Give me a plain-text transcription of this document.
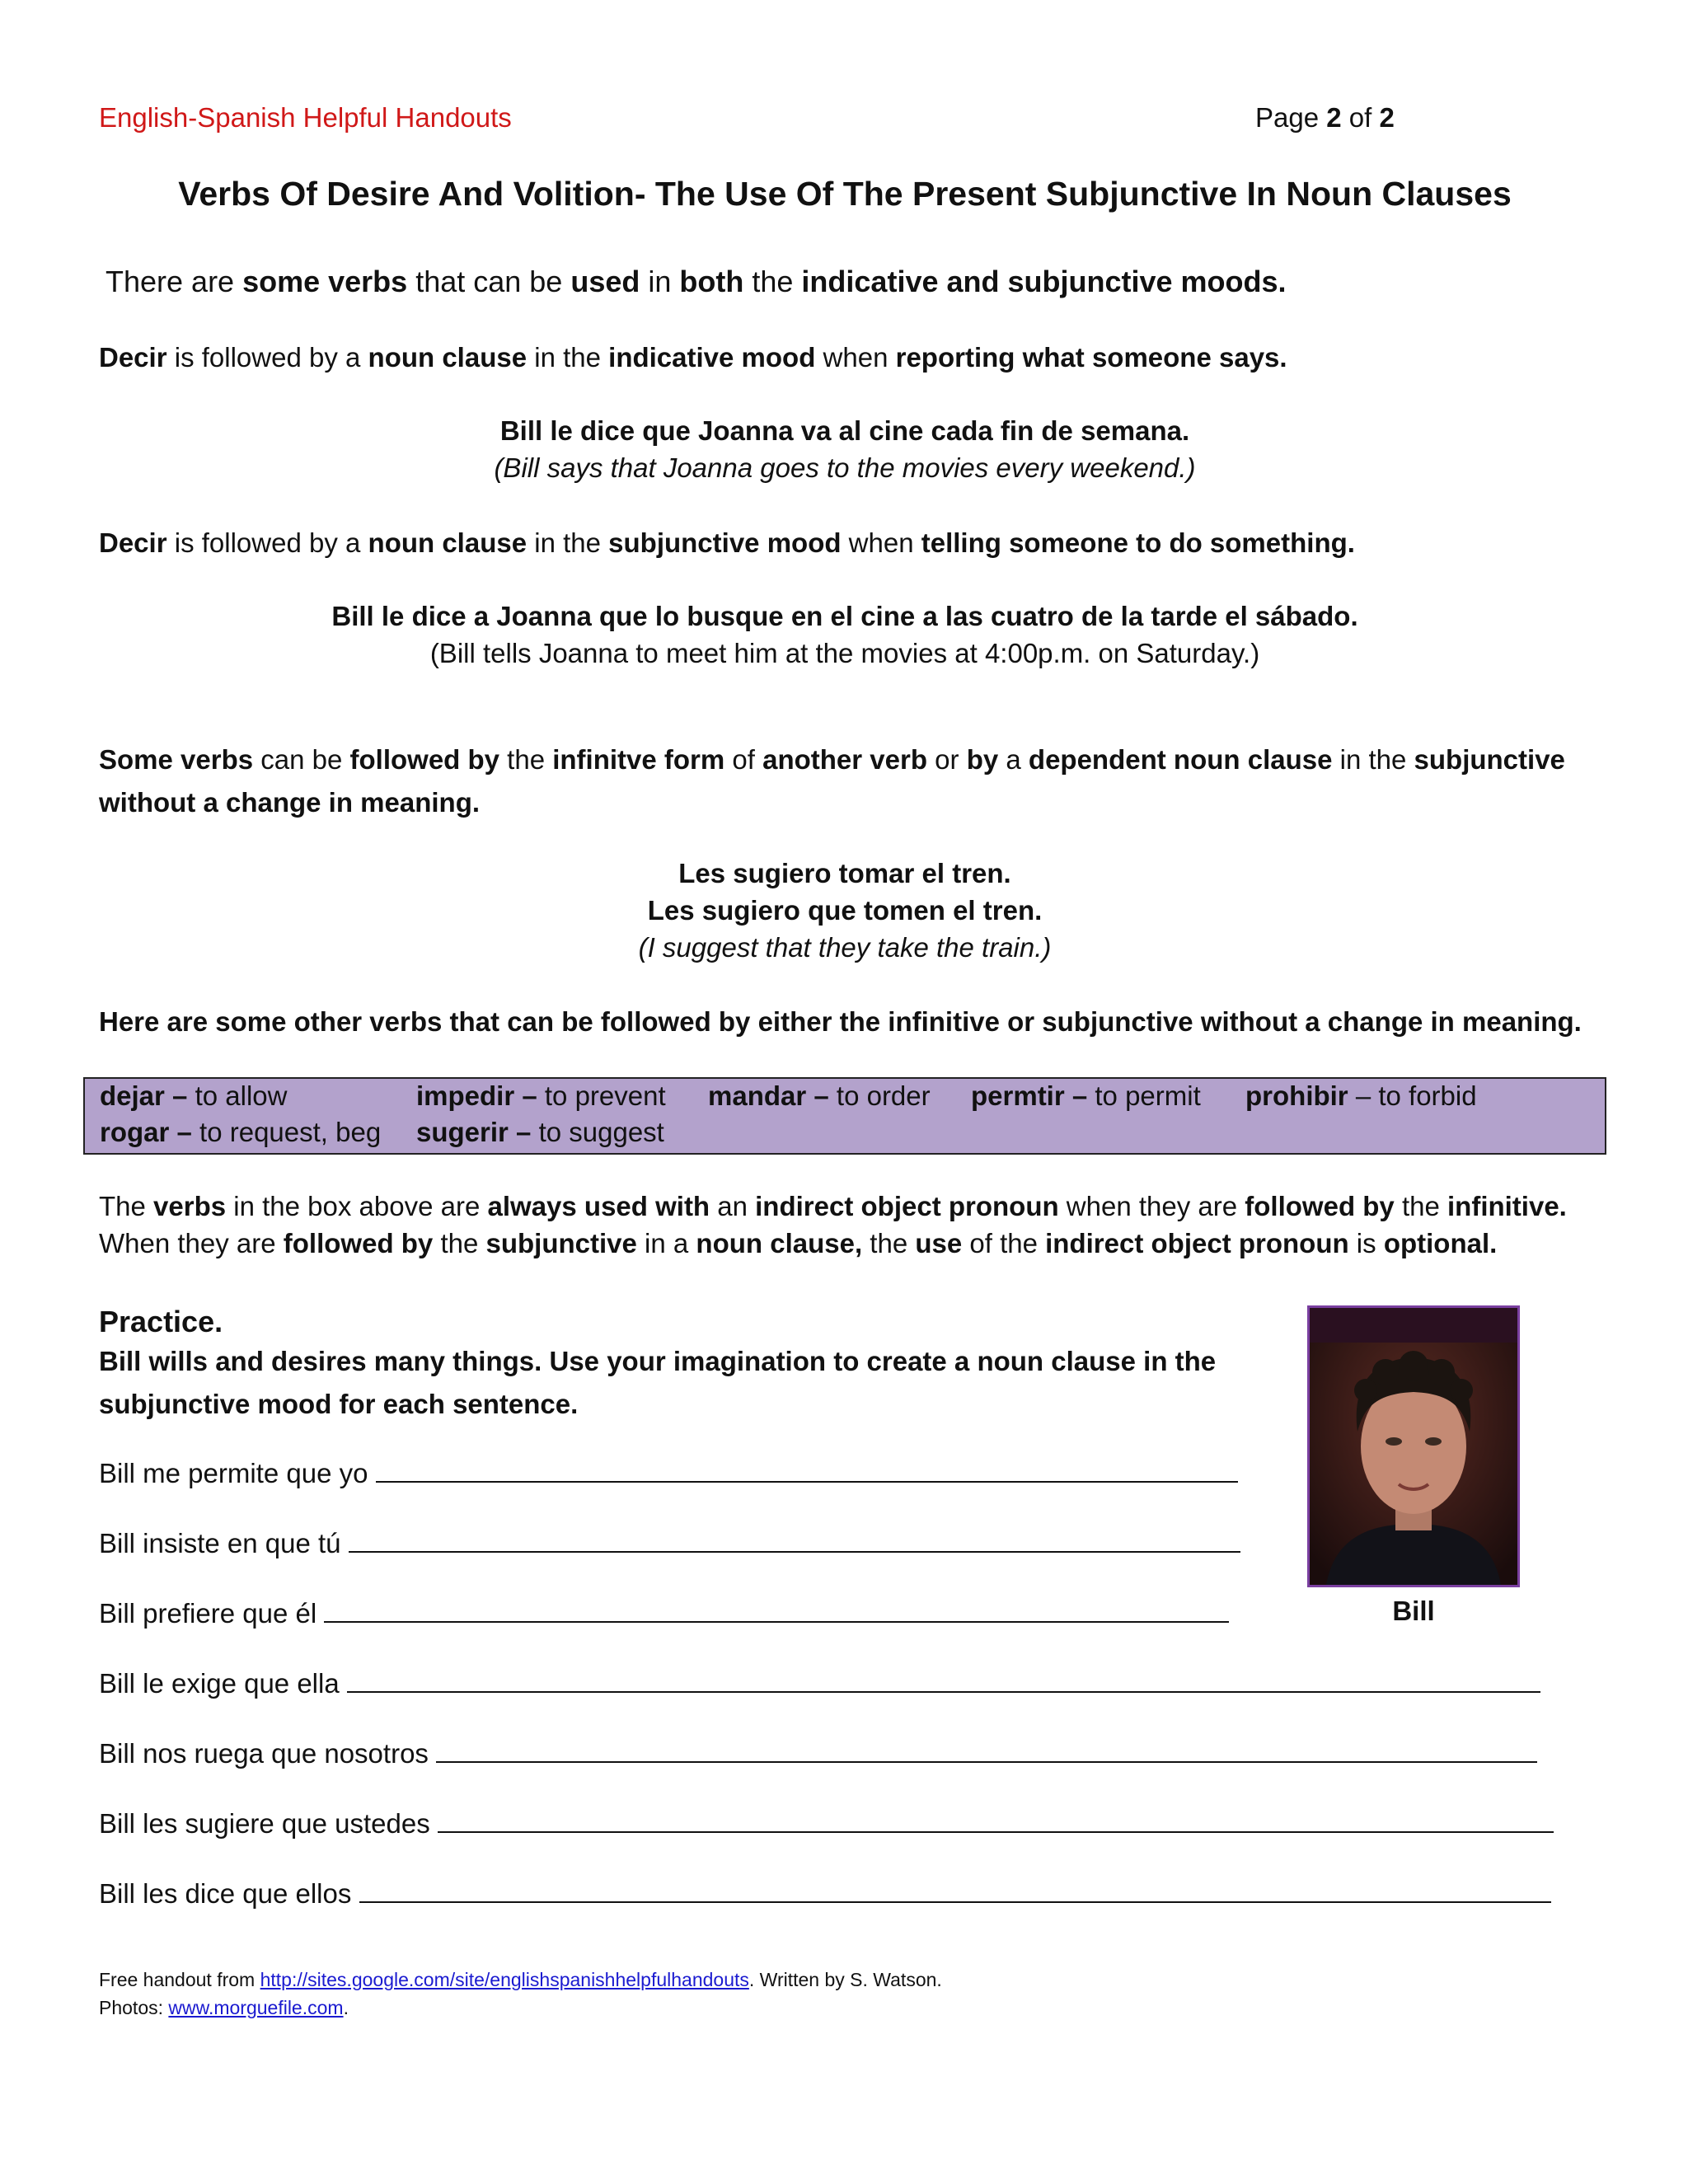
English-Spanish Helpful Handouts	Page 2 of 2
Verbs Of Desire And Volition- The Use Of The Present Subjunctive In Noun Clauses
There are some verbs that can be used in both the indicative and subjunctive moods.
Decir is followed by a noun clause in the indicative mood when reporting what someone says.
Bill le dice que Joanna va al cine cada fin de semana.
(Bill says that Joanna goes to the movies every weekend.)
Decir is followed by a noun clause in the subjunctive mood when telling someone to do something.
Bill le dice a Joanna que lo busque en el cine a las cuatro de la tarde el sábado.
(Bill tells Joanna to meet him at the movies at 4:00p.m. on Saturday.)
Some verbs can be followed by the infinitve form of another verb or by a dependent noun clause in the subjunctive
without a change in meaning.
Les sugiero tomar el tren.
Les sugiero que tomen el tren.
(I suggest that they take the train.)
Here are some other verbs that can be followed by either the infinitive or subjunctive without a change in meaning.
dejar – to allow	impedir – to prevent mandar – to order permtir – to permit prohibir – to forbid
rogar – to request, beg sugerir – to suggest
The verbs in the box above are always used with an indirect object pronoun when they are followed by the infinitive.
When they are followed by the subjunctive in a noun clause, the use of the indirect object pronoun is optional.
Practice.
Bill wills and desires many things. Use your imagination to create a noun clause in the
subjunctive mood for each sentence.
Bill me permite que yo
Bill insiste en que tú
Bill prefiere que él
Bill le exige que ella
Bill nos ruega que nosotros
Bill les sugiere que ustedes
Bill les dice que ellos
Bill
Free handout from http://sites.google.com/site/englishspanishhelpfulhandouts. Written by S. Watson.
Photos: www.morguefile.com.
